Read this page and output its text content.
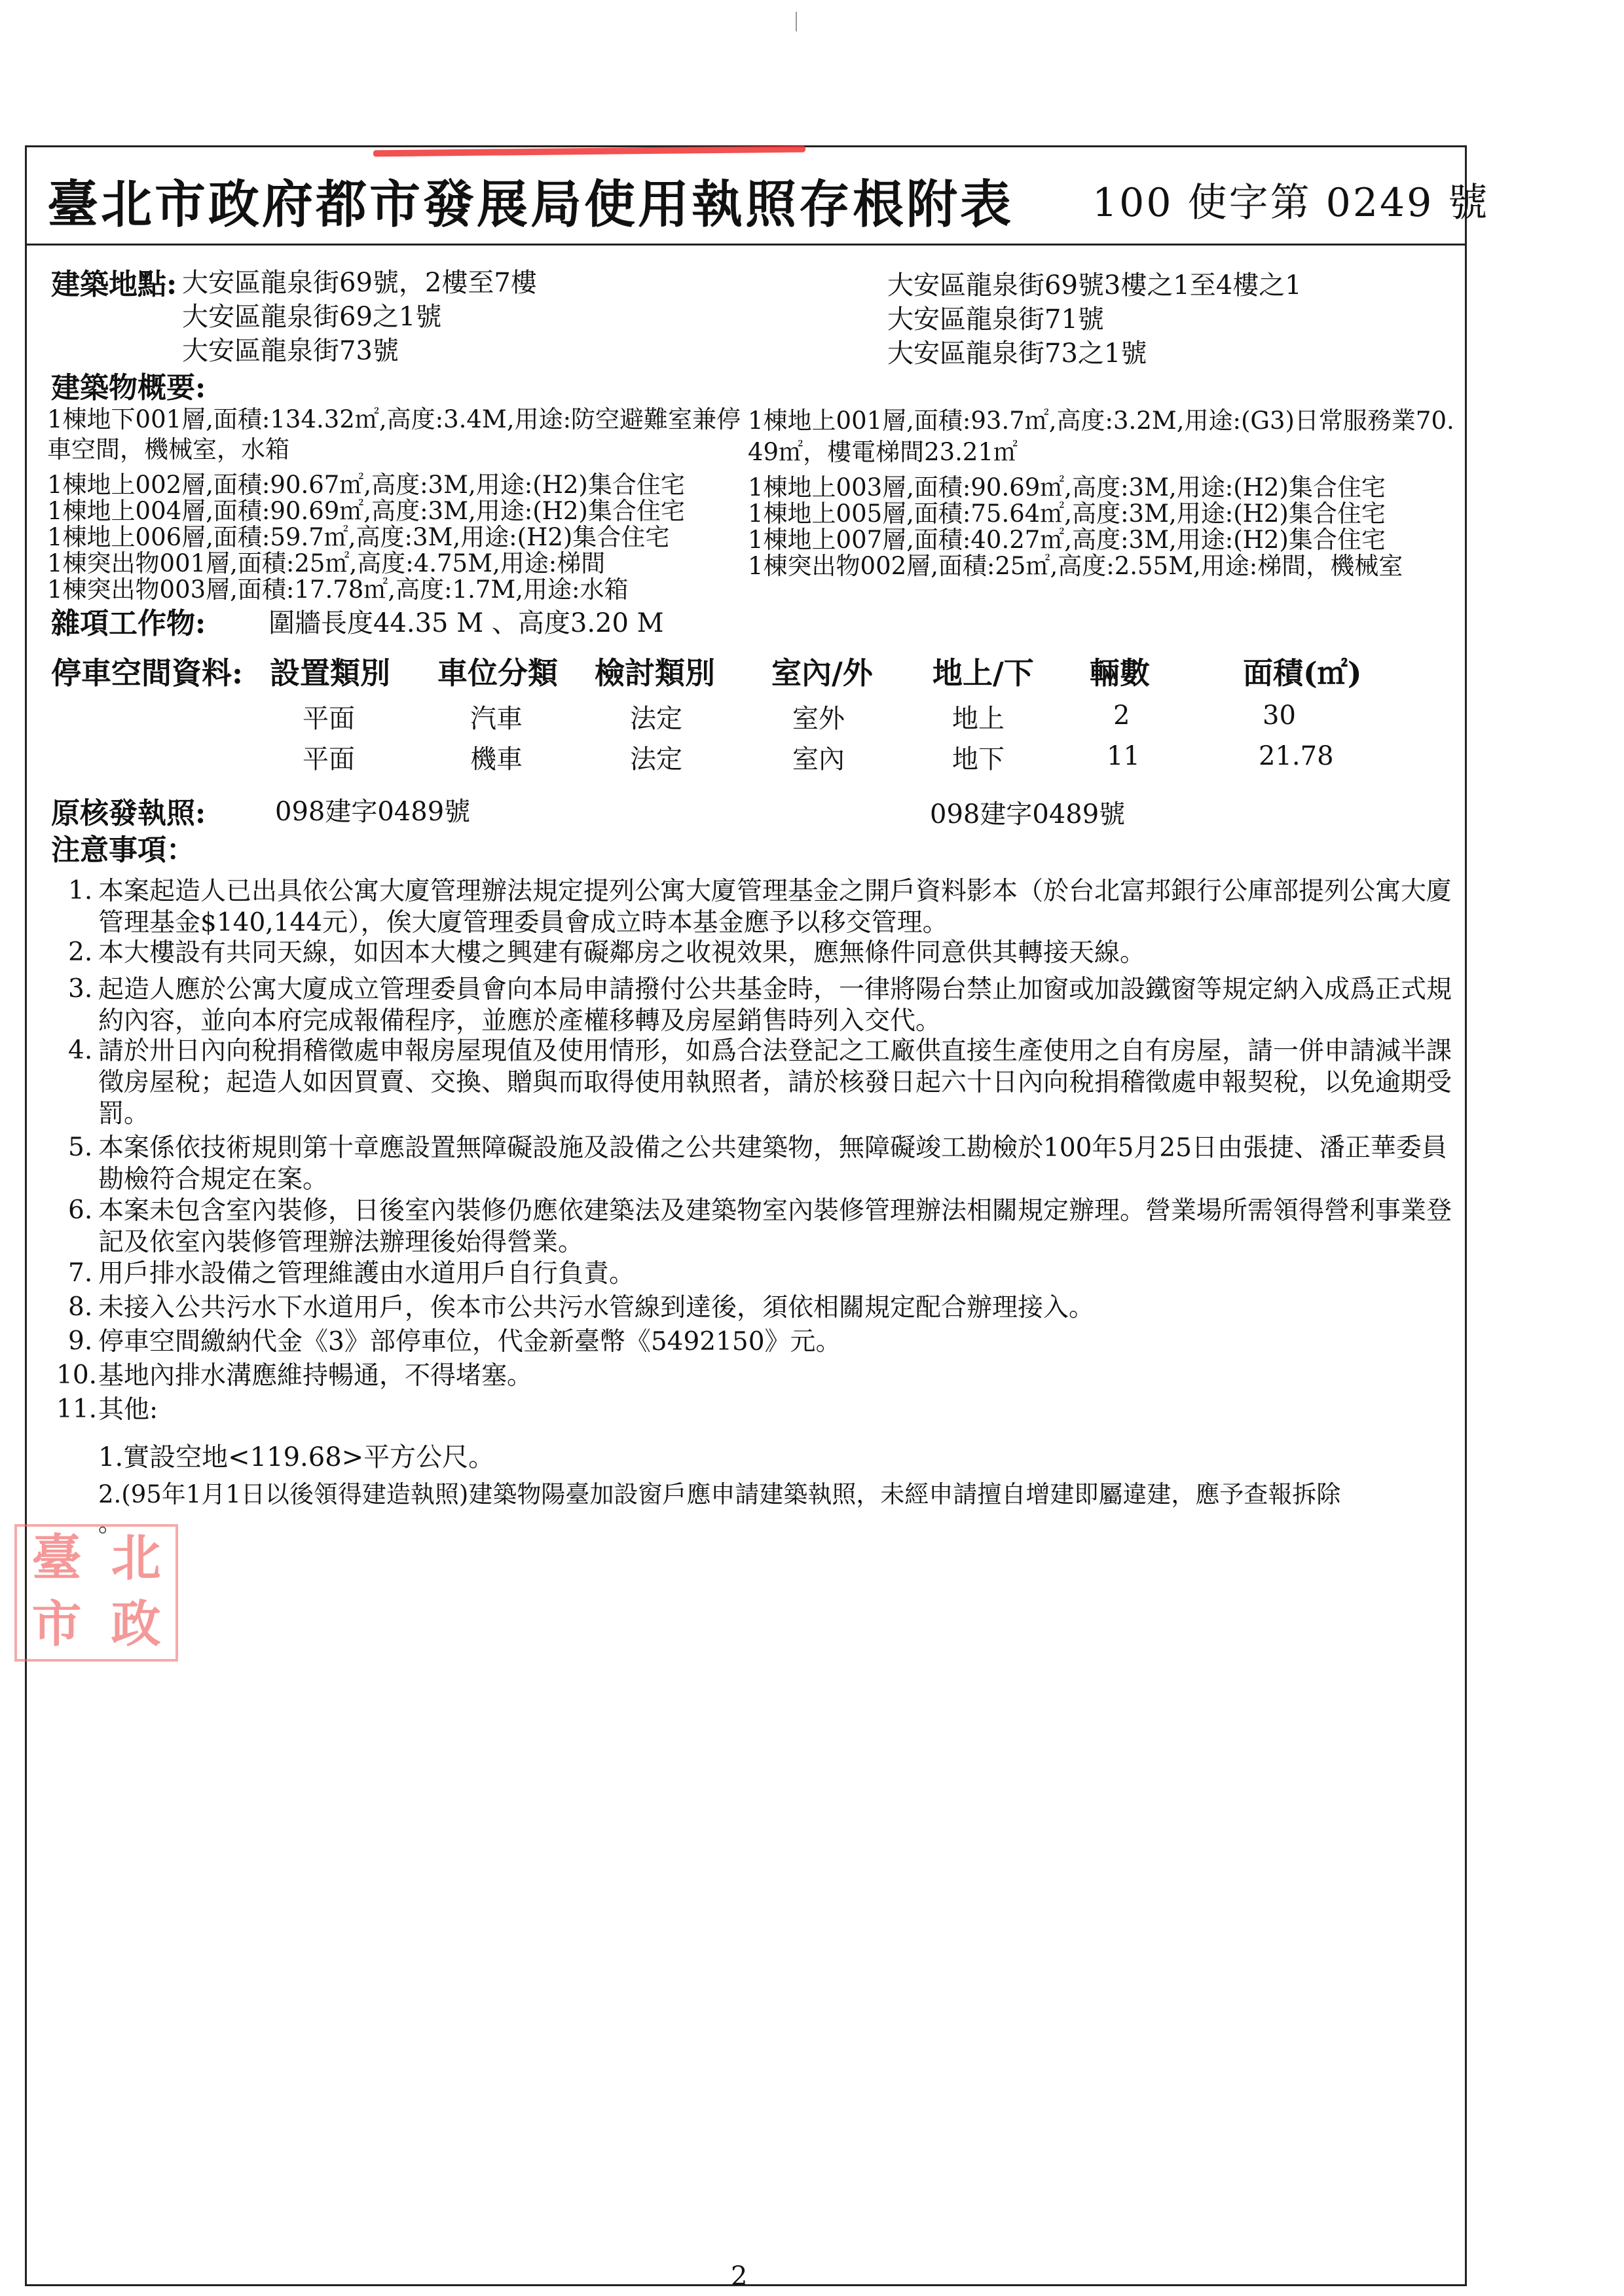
臺北市政府都市發展局使用執照存根附表 100 使字第 0249 號
建築地點: 大安區龍泉街69號，2樓至7樓
大安區龍泉街69之1號
大安區龍泉街73號
大安區龍泉街69號3樓之1至4樓之1
大安區龍泉街71號
大安區龍泉街73之1號
建築物概要:
1棟地下001層,面積:134.32㎡,高度:3.4M,用途:防空避難室兼停 1棟地上001層,面積:93.7㎡,高度:3.2M,用途:(G3)日常服務業70.
車空間，機械室，水箱	49㎡，樓電梯間23.21㎡
1棟地上002層,面積:90.67㎡,高度:3M,用途:(H2)集合住宅
1棟地上004層,面積:90.69㎡,高度:3M,用途:(H2)集合住宅
1棟地上006層,面積:59.7㎡,高度:3M,用途:(H2)集合住宅
1棟突出物001層,面積:25㎡,高度:4.75M,用途:梯間
1棟突出物003層,面積:17.78㎡,高度:1.7M,用途:水箱
1棟地上003層,面積:90.69㎡,高度:3M,用途:(H2)集合住宅
1棟地上005層,面積:75.64㎡,高度:3M,用途:(H2)集合住宅
1棟地上007層,面積:40.27㎡,高度:3M,用途:(H2)集合住宅
1棟突出物002層,面積:25㎡,高度:2.55M,用途:梯間，機械室
雜項工作物: 圍牆長度44.35 M 、高度3.20 M
停車空間資料: 設置類別 車位分類 檢討類別 室內/外 地上/下 輛數	面積(㎡)
平面	汽車	法定	室外	地上	2	30
平面	機車	法定	室內	地下	11	21.78
原核發執照:	098建字0489號	098建字0489號
注意事項：
1. 本案起造人已出具依公寓大廈管理辦法規定提列公寓大廈管理基金之開戶資料影本（於台北富邦銀行公庫部提列公寓大廈管理基金$140,144元），俟大廈管理委員會成立時本基金應予以移交管理。
2. 本大樓設有共同天線，如因本大樓之興建有礙鄰房之收視效果，應無條件同意供其轉接天線。
3. 起造人應於公寓大廈成立管理委員會向本局申請撥付公共基金時，一律將陽台禁止加窗或加設鐵窗等規定納入成爲正式規約內容，並向本府完成報備程序，並應於產權移轉及房屋銷售時列入交代。
4. 請於卅日內向稅捐稽徵處申報房屋現值及使用情形，如爲合法登記之工廠供直接生產使用之自有房屋，請一併申請減半課徵房屋稅；起造人如因買賣、交換、贈與而取得使用執照者，請於核發日起六十日內向稅捐稽徵處申報契稅，以免逾期受罰。
5. 本案係依技術規則第十章應設置無障礙設施及設備之公共建築物，無障礙竣工勘檢於100年5月25日由張捷、潘正華委員勘檢符合規定在案。
6. 本案未包含室內裝修，日後室內裝修仍應依建築法及建築物室內裝修管理辦法相關規定辦理。營業場所需領得營利事業登記及依室內裝修管理辦法辦理後始得營業。
7. 用戶排水設備之管理維護由水道用戶自行負責。
8. 未接入公共污水下水道用戶，俟本市公共污水管線到達後，須依相關規定配合辦理接入。
9. 停車空間繳納代金《3》部停車位，代金新臺幣《5492150》元。
10. 基地內排水溝應維持暢通，不得堵塞。
11. 其他:
1.實設空地<119.68>平方公尺。
2.(95年1月1日以後領得建造執照)建築物陽臺加設窗戶應申請建築執照，未經申請擅自增建即屬違建，應予查報拆除
。
臺 北
市 政
2
